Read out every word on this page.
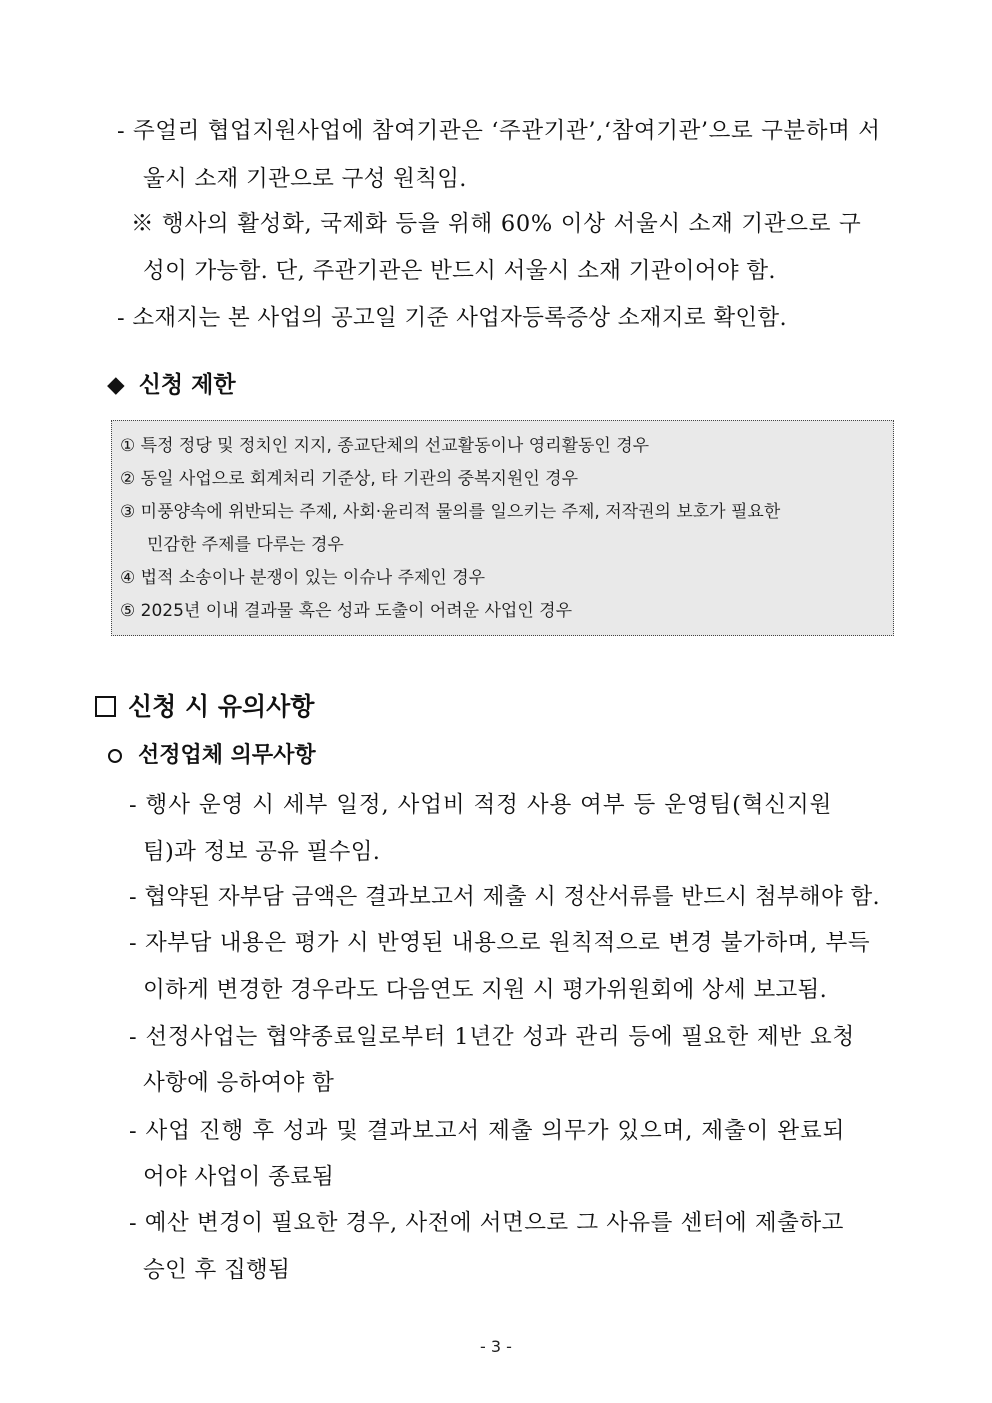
- 주얼리 협업지원사업에 참여기관은 ‘주관기관’,‘참여기관’으로 구분하며 서
울시 소재 기관으로 구성 원칙임.
※ 행사의 활성화, 국제화 등을 위해 60% 이상 서울시 소재 기관으로 구
성이 가능함. 단, 주관기관은 반드시 서울시 소재 기관이어야 함.
- 소재지는 본 사업의 공고일 기준 사업자등록증상 소재지로 확인함.
◆ 신청 제한
① 특정 정당 및 정치인 지지, 종교단체의 선교활동이나 영리활동인 경우
② 동일 사업으로 회계처리 기준상, 타 기관의 중복지원인 경우
③ 미풍양속에 위반되는 주제, 사회·윤리적 물의를 일으키는 주제, 저작권의 보호가 필요한
민감한 주제를 다루는 경우
④ 법적 소송이나 분쟁이 있는 이슈나 주제인 경우
⑤ 2025년 이내 결과물 혹은 성과 도출이 어려운 사업인 경우
신청 시 유의사항
선정업체 의무사항
- 행사 운영 시 세부 일정, 사업비 적정 사용 여부 등 운영팀(혁신지원
팀)과 정보 공유 필수임.
- 협약된 자부담 금액은 결과보고서 제출 시 정산서류를 반드시 첨부해야 함.
- 자부담 내용은 평가 시 반영된 내용으로 원칙적으로 변경 불가하며, 부득
이하게 변경한 경우라도 다음연도 지원 시 평가위원회에 상세 보고됨.
- 선정사업는 협약종료일로부터 1년간 성과 관리 등에 필요한 제반 요청
사항에 응하여야 함
- 사업 진행 후 성과 및 결과보고서 제출 의무가 있으며, 제출이 완료되
어야 사업이 종료됨
- 예산 변경이 필요한 경우, 사전에 서면으로 그 사유를 센터에 제출하고
승인 후 집행됨
- 3 -
